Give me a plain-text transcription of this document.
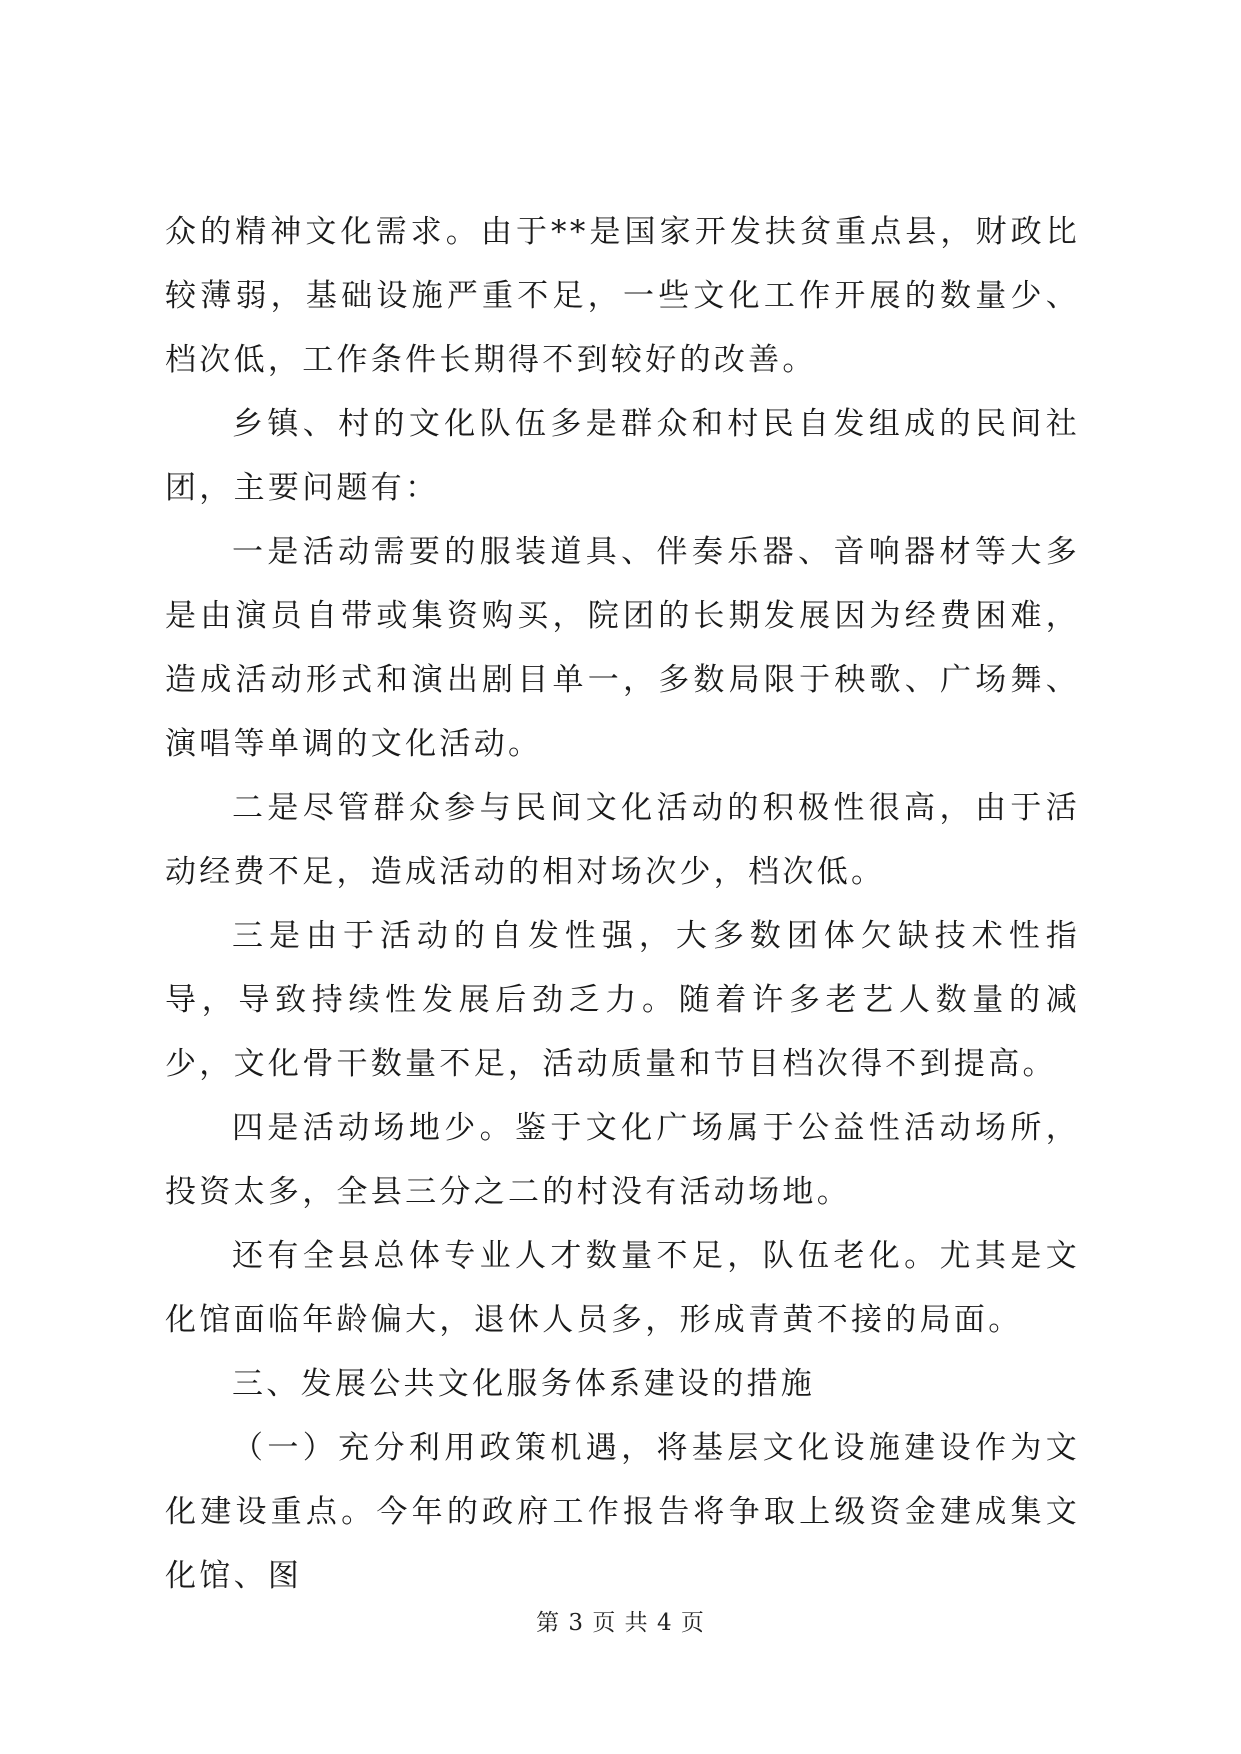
众的精神文化需求。由于**是国家开发扶贫重点县，财政比较薄弱，基础设施严重不足，一些文化工作开展的数量少、档次低，工作条件长期得不到较好的改善。

乡镇、村的文化队伍多是群众和村民自发组成的民间社团，主要问题有：

一是活动需要的服装道具、伴奏乐器、音响器材等大多是由演员自带或集资购买，院团的长期发展因为经费困难，造成活动形式和演出剧目单一，多数局限于秧歌、广场舞、演唱等单调的文化活动。

二是尽管群众参与民间文化活动的积极性很高，由于活动经费不足，造成活动的相对场次少，档次低。

三是由于活动的自发性强，大多数团体欠缺技术性指导，导致持续性发展后劲乏力。随着许多老艺人数量的减少，文化骨干数量不足，活动质量和节目档次得不到提高。

四是活动场地少。鉴于文化广场属于公益性活动场所，投资太多，全县三分之二的村没有活动场地。

还有全县总体专业人才数量不足，队伍老化。尤其是文化馆面临年龄偏大，退休人员多，形成青黄不接的局面。

三、发展公共文化服务体系建设的措施

（一）充分利用政策机遇，将基层文化设施建设作为文化建设重点。今年的政府工作报告将争取上级资金建成集文化馆、图

第 3 页 共 4 页
